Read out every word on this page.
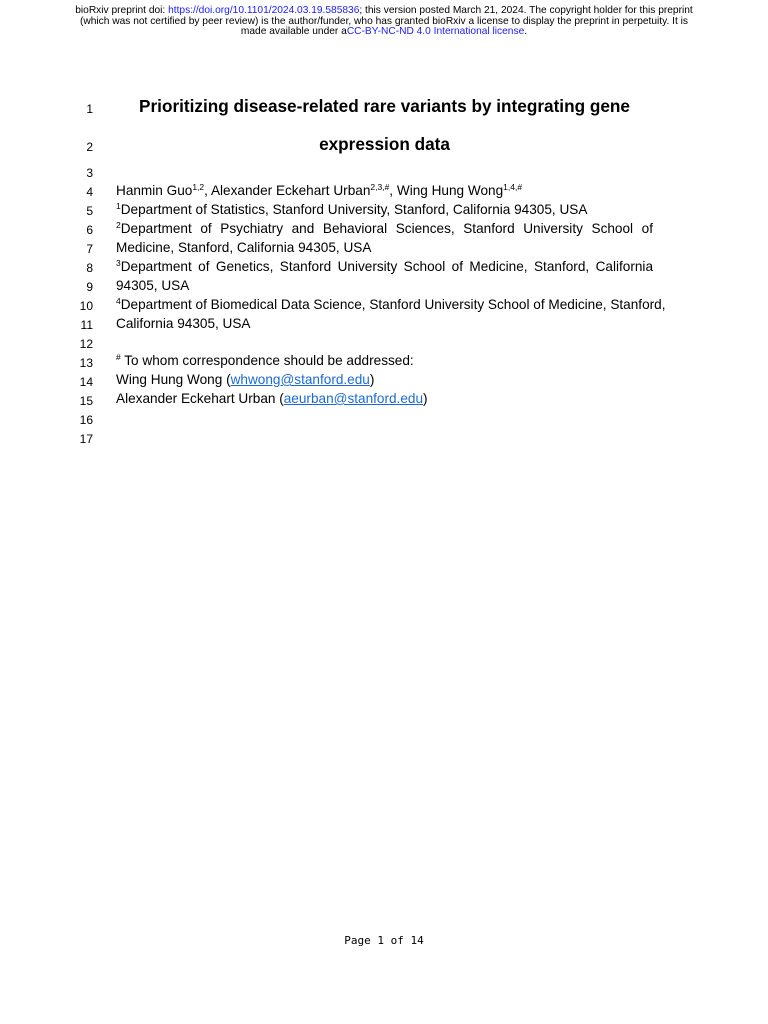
bioRxiv preprint doi: https://doi.org/10.1101/2024.03.19.585836; this version posted March 21, 2024. The copyright holder for this preprint
(which was not certified by peer review) is the author/funder, who has granted bioRxiv a license to display the preprint in perpetuity. It is
made available under aCC-BY-NC-ND 4.0 International license.
1
2
3
4
5
6
7
8
9
10
11
12
13
14
15
16
17
Prioritizing disease-related rare variants by integrating gene
expression data
Hanmin Guo$^{1,2}$, Alexander Eckehart Urban$^{2,3,\#}$, Wing Hung Wong$^{1,4,\#}$
$^1$Department of Statistics, Stanford University, Stanford, California 94305, USA
$^2$Department of Psychiatry and Behavioral Sciences, Stanford University School of
Medicine, Stanford, California 94305, USA
$^3$Department of Genetics, Stanford University School of Medicine, Stanford, California
94305, USA
$^4$Department of Biomedical Data Science, Stanford University School of Medicine, Stanford,
California 94305, USA
# To whom correspondence should be addressed:
Wing Hung Wong (whwong@stanford.edu)
Alexander Eckehart Urban (aeurban@stanford.edu)
Page 1 of 14
